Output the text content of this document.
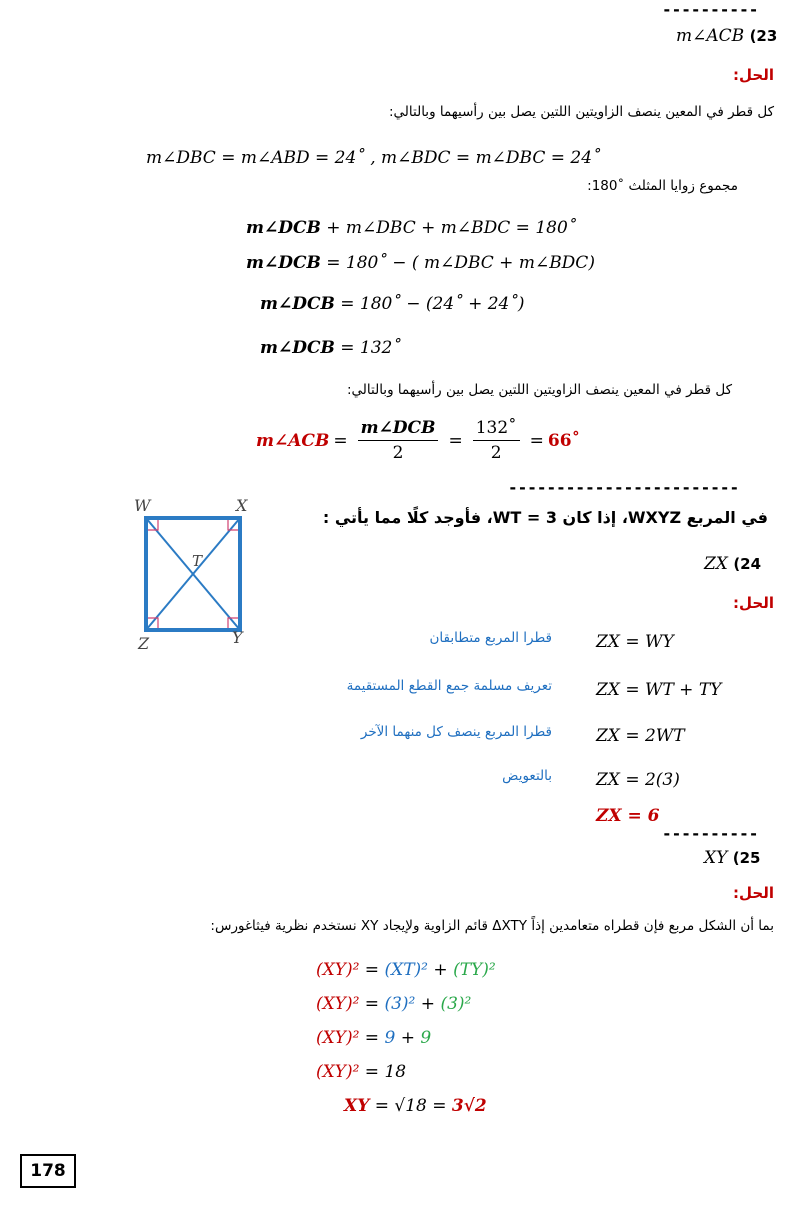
----------
m∠ACB (23
الحل:
كل قطر في المعين ينصف الزاويتين اللتين يصل بين رأسيهما وبالتالي:
m∠DBC = m∠ABD = 24˚ , m∠BDC = m∠DBC = 24˚
مجموع زوايا المثلث ˚180:
m∠DCB + m∠DBC + m∠BDC = 180˚
m∠DCB = 180˚ − ( m∠DBC + m∠BDC)
m∠DCB = 180˚ − (24˚ + 24˚)
m∠DCB = 132˚
كل قطر في المعين ينصف الزاويتين اللتين يصل بين رأسيهما وبالتالي:
m∠ACB = $\frac{\text{m∠DCB}}{2} = \frac{132˚}{2}$ = 66˚
------------------------
W	X
T
Y
Z
في المربع WXYZ، إذا كان 3 = WT، فأوجد كلًا مما يأتي :
ZX (24
الحل:
ZX = WY
قطرا المربع متطابقان
ZX = WT + TY
تعريف مسلمة جمع القطع المستقيمة
ZX = 2WT
قطرا المربع ينصف كل منهما الآخر
ZX = 2(3)
بالتعويض
ZX = 6
----------
XY (25
الحل:
بما أن الشكل مربع فإن قطراه متعامدين إذاً ΔXTY قائم الزاوية ولإيجاد XY نستخدم نظرية فيثاغورس:
(XY)² = (XT)² + (TY)²
(XY)² = (3)² + (3)²
(XY)² = 9 + 9
(XY)² = 18
XY = √18 = 3√2
178
